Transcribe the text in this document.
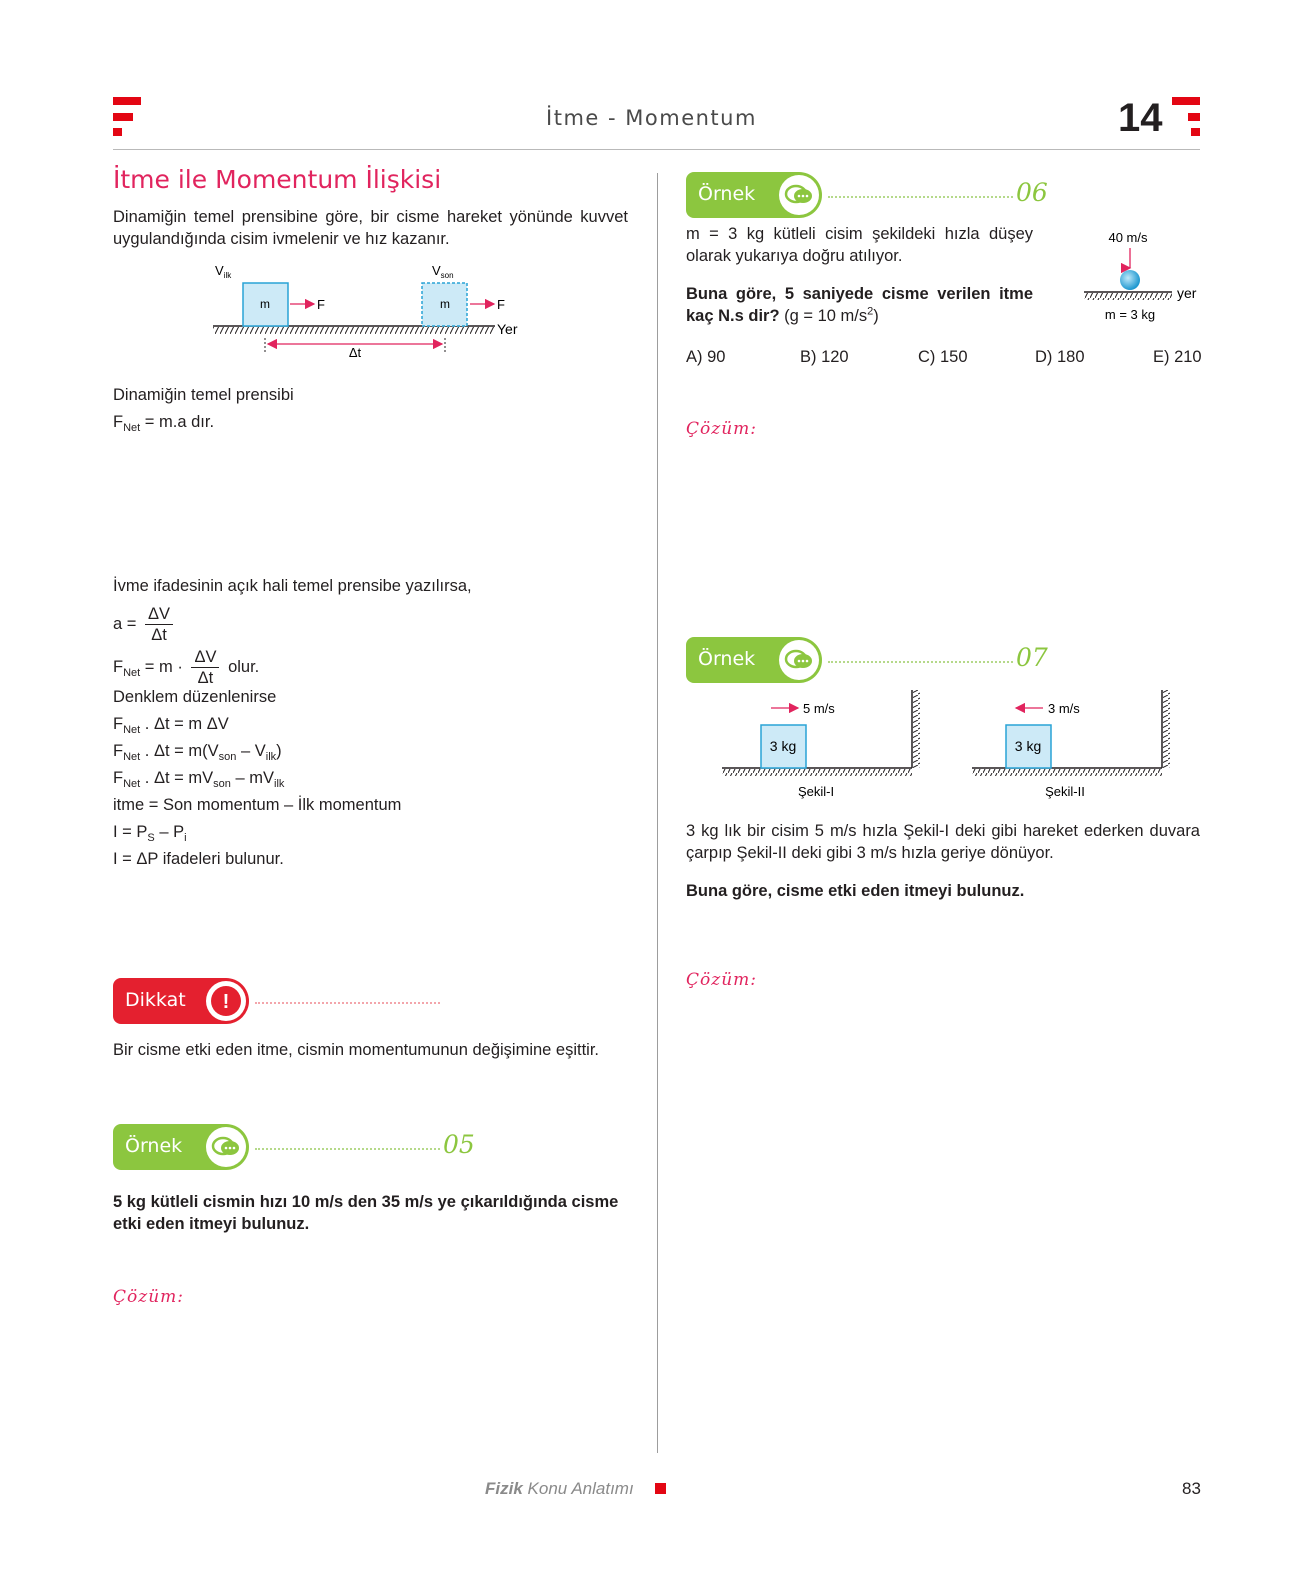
İtme - Momentum	14
İtme ile Momentum İlişkisi
Dinamiğin temel prensibine göre, bir cisme hareket yönünde kuvvet uygulandığında cisim ivmelenir ve hız kazanır.
$V_{ilk}$
m	F
$V_{son}$
m	F
Yer
Δt
Dinamiğin temel prensibi
$F_{Net} = m.a$ dır.
İvme ifadesinin açık hali temel prensibe yazılırsa,
$a = \frac{\Delta V}{\Delta t}$
$F_{Net} = m \cdot \frac{\Delta V}{\Delta t}$ olur.
Denklem düzenlenirse
$F_{Net}$ . Δt = m ΔV
$F_{Net}$ . $\Delta t = m(V_{son} - V_{ilk})$
$F_{Net}$ . $\Delta t = mV_{son} - mV_{ilk}$
itme = Son momentum – İlk momentum
$I = P_S - P_i$
I = ΔP ifadeleri bulunur.
Dikkat !
Bir cisme etki eden itme, cismin momentumunun değişimine eşittir.
Örnek	05
5 kg kütleli cismin hızı 10 m/s den 35 m/s ye çıkarıldığında cisme etki eden itmeyi bulunuz.
Çözüm:
Örnek	06
m = 3 kg kütleli cisim şekildeki hızla düşey olarak yukarıya doğru atılıyor.
Buna göre, 5 saniyede cisme verilen itme kaç N.s dir? (g = 10 $m/s^2$)
40 m/s
yer
m = 3 kg
A) 90	B) 120	C) 150	D) 180	E) 210
Çözüm:
Örnek	07
3 kg
5 m/s
Şekil-I
3 kg
3 m/s
Şekil-II
3 kg lık bir cisim 5 m/s hızla Şekil-I deki gibi hareket ederken duvara çarpıp Şekil-II deki gibi 3 m/s hızla geriye dönüyor.
Buna göre, cisme etki eden itmeyi bulunuz.
Çözüm:
Fizik Konu Anlatımı	83
